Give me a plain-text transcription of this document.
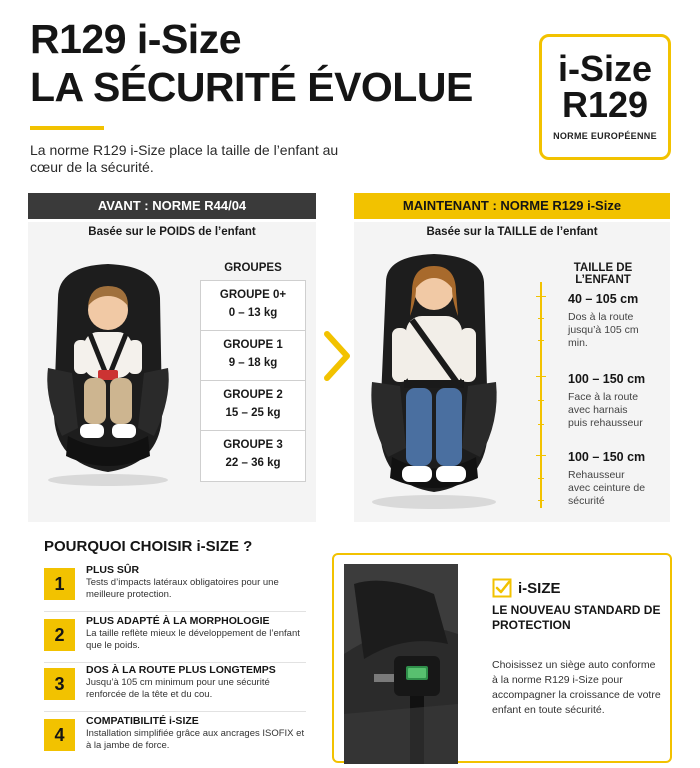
R129 i-Size
LA SÉCURITÉ ÉVOLUE
La norme R129 i-Size place la taille de l’enfant au cœur de la sécurité.
i-Size
R129
NORME EUROPÉENNE
AVANT : NORME R44/04
Basée sur le POIDS de l’enfant
GROUPES
GROUPE 0+
0 – 13 kg
GROUPE 1
9 – 18 kg
GROUPE 2
15 – 25 kg
GROUPE 3
22 – 36 kg
MAINTENANT : NORME R129 i-Size
Basée sur la TAILLE de l’enfant
TAILLE DE L’ENFANT
40 – 105 cm
Dos à la route jusqu’à 105 cm min.
100 – 150 cm
Face à la route avec harnais puis rehausseur
100 – 150 cm
Rehausseur avec ceinture de sécurité
POURQUOI CHOISIR i-SIZE ?
1
PLUS SÛR
Tests d’impacts latéraux obligatoires pour une meilleure protection.
2
PLUS ADAPTÉ À LA MORPHOLOGIE
La taille reflète mieux le développement de l’enfant que le poids.
3
DOS À LA ROUTE PLUS LONGTEMPS
Jusqu’à 105 cm minimum pour une sécurité renforcée de la tête et du cou.
4
COMPATIBILITÉ i-SIZE
Installation simplifiée grâce aux ancrages ISOFIX et à la jambe de force.
i-SIZE
LE NOUVEAU STANDARD DE PROTECTION
Choisissez un siège auto conforme à la norme R129 i-Size pour accompagner la croissance de votre enfant en toute sécurité.
